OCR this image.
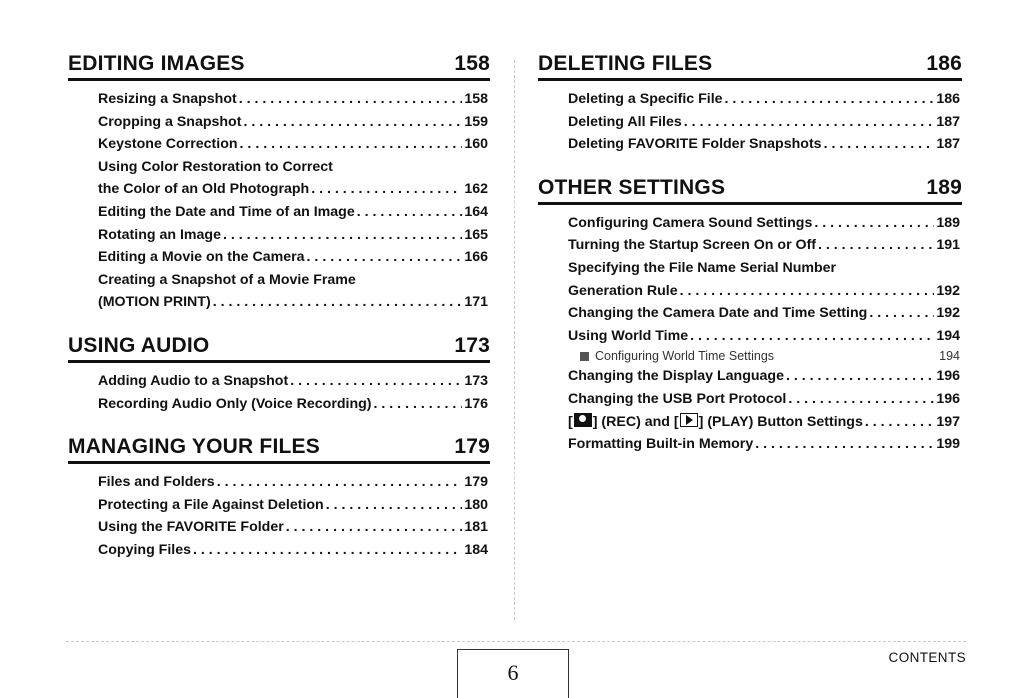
EDITING IMAGES	158
Resizing a Snapshot . . .	158
Cropping a Snapshot . . .	159
Keystone Correction . . .	160
Using Color Restoration to Correct
the Color of an Old Photograph . . .	162
Editing the Date and Time of an Image . . .	164
Rotating an Image . . .	165
Editing a Movie on the Camera . . .	166
Creating a Snapshot of a Movie Frame
(MOTION PRINT) . . .	171
USING AUDIO	173
Adding Audio to a Snapshot . . .	173
Recording Audio Only (Voice Recording) . . .	176
MANAGING YOUR FILES	179
Files and Folders . . .	179
Protecting a File Against Deletion . . .	180
Using the FAVORITE Folder . . .	181
Copying Files . . .	184
DELETING FILES	186
Deleting a Specific File . . .	186
Deleting All Files . . .	187
Deleting FAVORITE Folder Snapshots . . .	187
OTHER SETTINGS	189
Configuring Camera Sound Settings . . .	189
Turning the Startup Screen On or Off . . .	191
Specifying the File Name Serial Number
Generation Rule . . .	192
Changing the Camera Date and Time Setting . . .	192
Using World Time . . .	194
Configuring World Time Settings	194
Changing the Display Language . . .	196
Changing the USB Port Protocol . . .	196
[ ] (REC) and [ ] (PLAY) Button Settings . . .	197
Formatting Built-in Memory . . .	199
6
CONTENTS
